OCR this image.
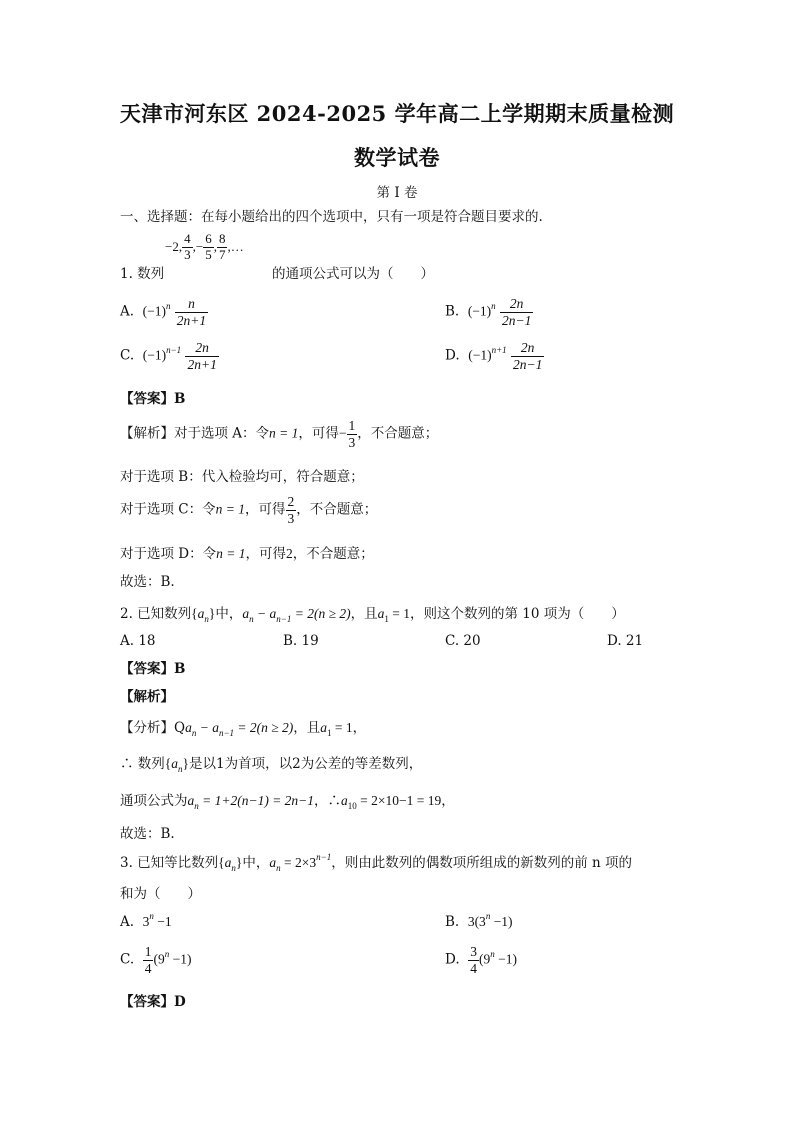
天津市河东区 2024-2025 学年高二上学期期末质量检测
数学试卷
第 I 卷
一、选择题：在每小题给出的四个选项中，只有一项是符合题目要求的.
−2, $\frac{4}{3}$ ,− $\frac{6}{5}$ , $\frac{8}{7}$ ,…
1. 数列	的通项公式可以为（　　）
A. $(-1)^n \frac{n}{2n+1}$	B. $(-1)^n \frac{2n}{2n-1}$
C. $(-1)^{n-1} \frac{2n}{2n+1}$	D. $(-1)^{n+1} \frac{2n}{2n-1}$
【答案】B
【解析】对于选项 A：令n = 1，可得− $\frac{1}{3}$ ，不合题意；
对于选项 B：代入检验均可，符合题意；
对于选项 C：令n = 1，可得 $\frac{2}{3}$ ，不合题意；
对于选项 D：令n = 1，可得2，不合题意；
故选：B.
2. 已知数列$\{a_n\}$中，$a_n - a_{n-1} = 2(n \ge 2)$，且$a_1 = 1$，则这个数列的第 10 项为（　　）
A. 18	B. 19	C. 20	D. 21
【答案】B
【解析】
【分析】$Qa_n - a_{n-1} = 2(n \ge 2)$，且$a_1 = 1$，
∴ 数列$\{a_n\}$是以1为首项，以2为公差的等差数列，
通项公式为$a_n = 1+2(n-1) = 2n-1$，$\therefore a_{10} = 2\times 10-1 = 19$，
故选：B.
3. 已知等比数列$\{a_n\}$中，$a_n = 2\times 3^{n-1}$，则由此数列的偶数项所组成的新数列的前 n 项的
和为（　　）
A. $3^n -1$	B. $3(3^n -1)$
C. $\frac{1}{4} (9^n -1)$	D. $\frac{3}{4} (9^n -1)$
【答案】D
